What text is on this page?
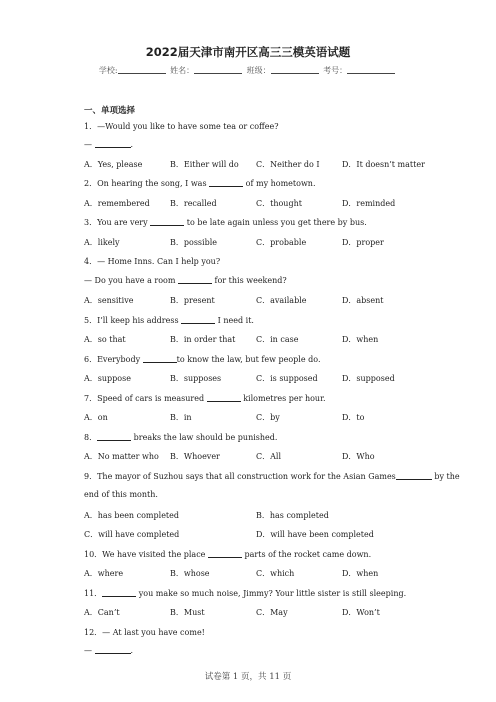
2022届天津市南开区高三三模英语试题
学校:	姓名：	班级：	考号：
一、单项选择
1．—Would you like to have some tea or coffee?
—	.
A．Yes, please	B．Either will do C．Neither do I	D．It doesn’t matter
2．On hearing the song, I was	of my hometown.
A．remembered	B．recalled	C．thought	D．reminded
3．You are very	to be late again unless you get there by bus.
A．likely	B．possible	C．probable	D．proper
4．— Home Inns. Can I help you?
— Do you have a room	for this weekend?
A．sensitive	B．present	C．available	D．absent
5．I’ll keep his address	I need it.
A．so that	B．in order that	C．in case	D．when
6．Everybody	to know the law, but few people do.
A．suppose	B．supposes	C．is supposed	D．supposed
7．Speed of cars is measured	kilometres per hour.
A．on	B．in	C．by	D．to
8．	breaks the law should be punished.
A．No matter who B．Whoever	C．All	D．Who
9．The mayor of Suzhou says that all construction work for the Asian Games	by the
end of this month.
A．has been completed	B．has completed
C．will have completed	D．will have been completed
10．We have visited the place	parts of the rocket came down.
A．where	B．whose	C．which	D．when
11．	you make so much noise, Jimmy? Your little sister is still sleeping.
A．Can’t	B．Must	C．May	D．Won’t
12．— At last you have come!
—	.
试卷第 1 页，共 11 页
